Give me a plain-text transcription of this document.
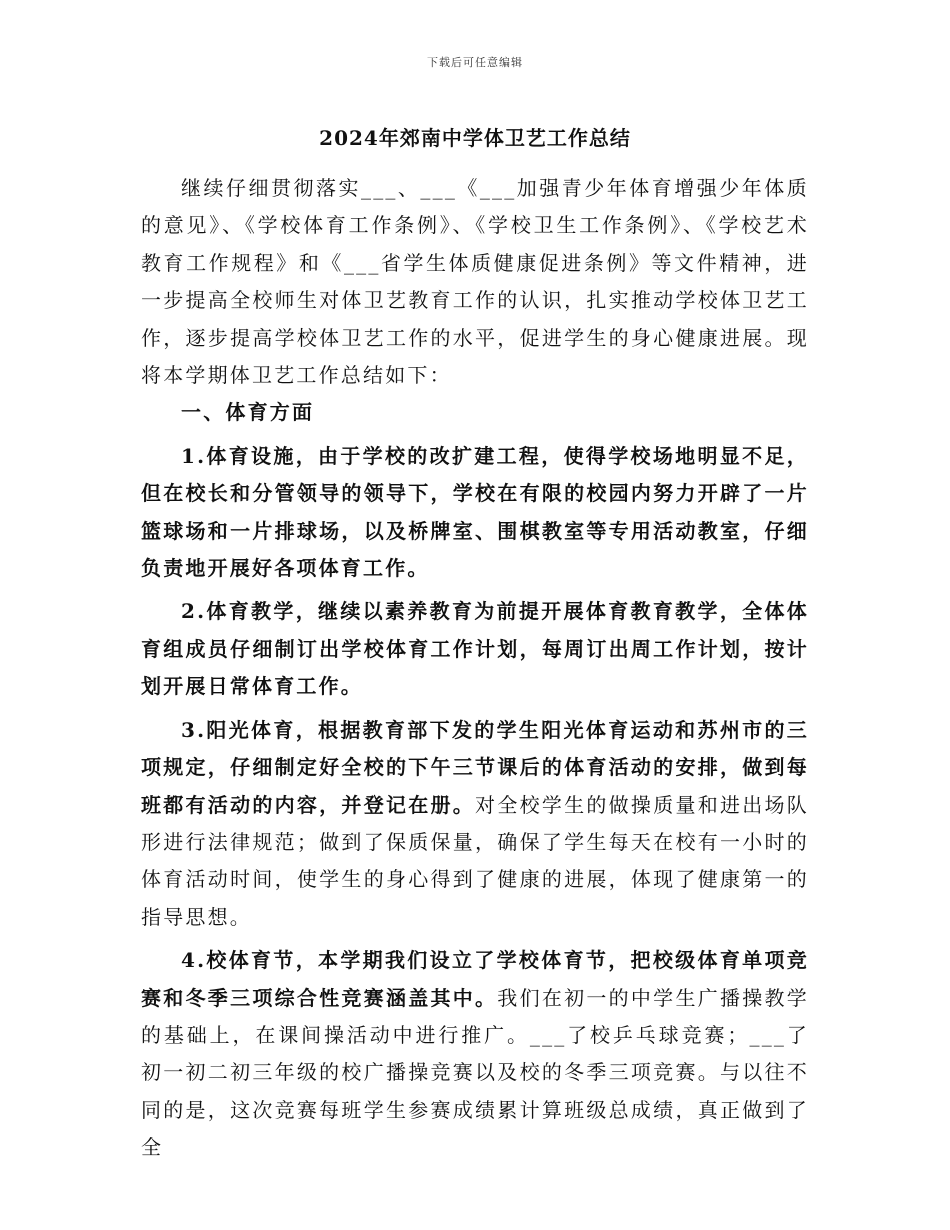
下载后可任意编辑
2024年郊南中学体卫艺工作总结

继续仔细贯彻落实___、___《___加强青少年体育增强少年体质的意见》、《学校体育工作条例》、《学校卫生工作条例》、《学校艺术教育工作规程》和《___省学生体质健康促进条例》等文件精神，进一步提高全校师生对体卫艺教育工作的认识，扎实推动学校体卫艺工作，逐步提高学校体卫艺工作的水平，促进学生的身心健康进展。现将本学期体卫艺工作总结如下：

一、体育方面

1.体育设施，由于学校的改扩建工程，使得学校场地明显不足，但在校长和分管领导的领导下，学校在有限的校园内努力开辟了一片篮球场和一片排球场，以及桥牌室、围棋教室等专用活动教室，仔细负责地开展好各项体育工作。

2.体育教学，继续以素养教育为前提开展体育教育教学，全体体育组成员仔细制订出学校体育工作计划，每周订出周工作计划，按计划开展日常体育工作。

3.阳光体育，根据教育部下发的学生阳光体育运动和苏州市的三项规定，仔细制定好全校的下午三节课后的体育活动的安排，做到每班都有活动的内容，并登记在册。对全校学生的做操质量和进出场队形进行法律规范；做到了保质保量，确保了学生每天在校有一小时的体育活动时间，使学生的身心得到了健康的进展，体现了健康第一的指导思想。

4.校体育节，本学期我们设立了学校体育节，把校级体育单项竞赛和冬季三项综合性竞赛涵盖其中。我们在初一的中学生广播操教学的基础上，在课间操活动中进行推广。___了校乒乓球竞赛；___了初一初二初三年级的校广播操竞赛以及校的冬季三项竞赛。与以往不同的是，这次竞赛每班学生参赛成绩累计算班级总成绩，真正做到了全
